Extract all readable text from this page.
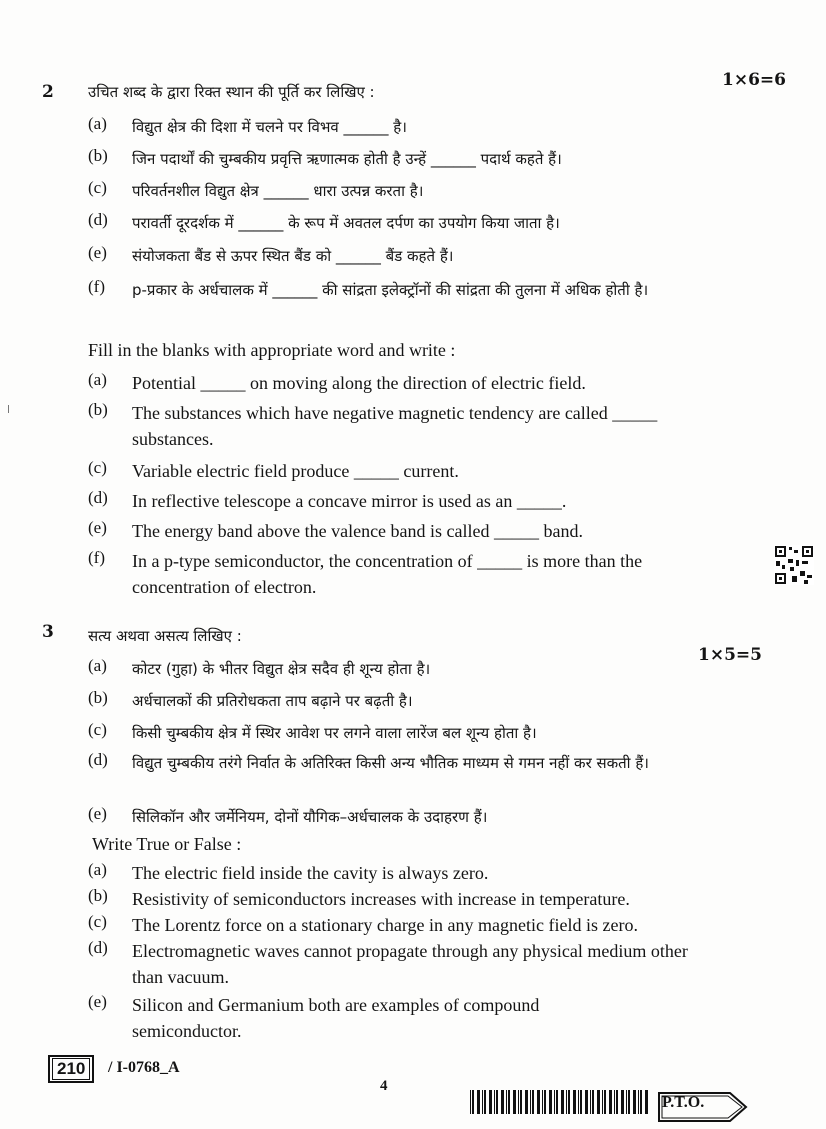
2
1×6=6
उचित शब्द के द्वारा रिक्त स्थान की पूर्ति कर लिखिए :
(a)	विद्युत क्षेत्र की दिशा में चलने पर विभव ______ है।
(b)	जिन पदार्थों की चुम्बकीय प्रवृत्ति ऋणात्मक होती है उन्हें ______ पदार्थ कहते हैं।
(c)	परिवर्तनशील विद्युत क्षेत्र ______ धारा उत्पन्न करता है।
(d)	परावर्ती दूरदर्शक में ______ के रूप में अवतल दर्पण का उपयोग किया जाता है।
(e)	संयोजकता बैंड से ऊपर स्थित बैंड को ______ बैंड कहते हैं।
(f)	p-प्रकार के अर्धचालक में ______ की सांद्रता इलेक्ट्रॉनों की सांद्रता की तुलना में अधिक होती है।
Fill in the blanks with appropriate word and write :
(a)	Potential _____ on moving along the direction of electric field.
(b)	The substances which have negative magnetic tendency are called _____ substances.
(c)	Variable electric field produce _____ current.
(d)	In reflective telescope a concave mirror is used as an _____.
(e)	The energy band above the valence band is called _____ band.
(f)	In a p-type semiconductor, the concentration of _____ is more than the concentration of electron.
3 सत्य अथवा असत्य लिखिए :
1×5=5
(a)	कोटर (गुहा) के भीतर विद्युत क्षेत्र सदैव ही शून्य होता है।
(b)	अर्धचालकों की प्रतिरोधकता ताप बढ़ाने पर बढ़ती है।
(c)	किसी चुम्बकीय क्षेत्र में स्थिर आवेश पर लगने वाला लारेंज बल शून्य होता है।
(d)	विद्युत चुम्बकीय तरंगे निर्वात के अतिरिक्त किसी अन्य भौतिक माध्यम से गमन नहीं कर सकती हैं।
(e)	सिलिकॉन और जर्मेनियम, दोनों यौगिक–अर्धचालक के उदाहरण हैं।
Write True or False :
(a)	The electric field inside the cavity is always zero.
(b)	Resistivity of semiconductors increases with increase in temperature.
(c)	The Lorentz force on a stationary charge in any magnetic field is zero.
(d)	Electromagnetic waves cannot propagate through any physical medium other than vacuum.
(e)	Silicon and Germanium both are examples of compound semiconductor.
210	/ I-0768_A
4
P.T.O.
